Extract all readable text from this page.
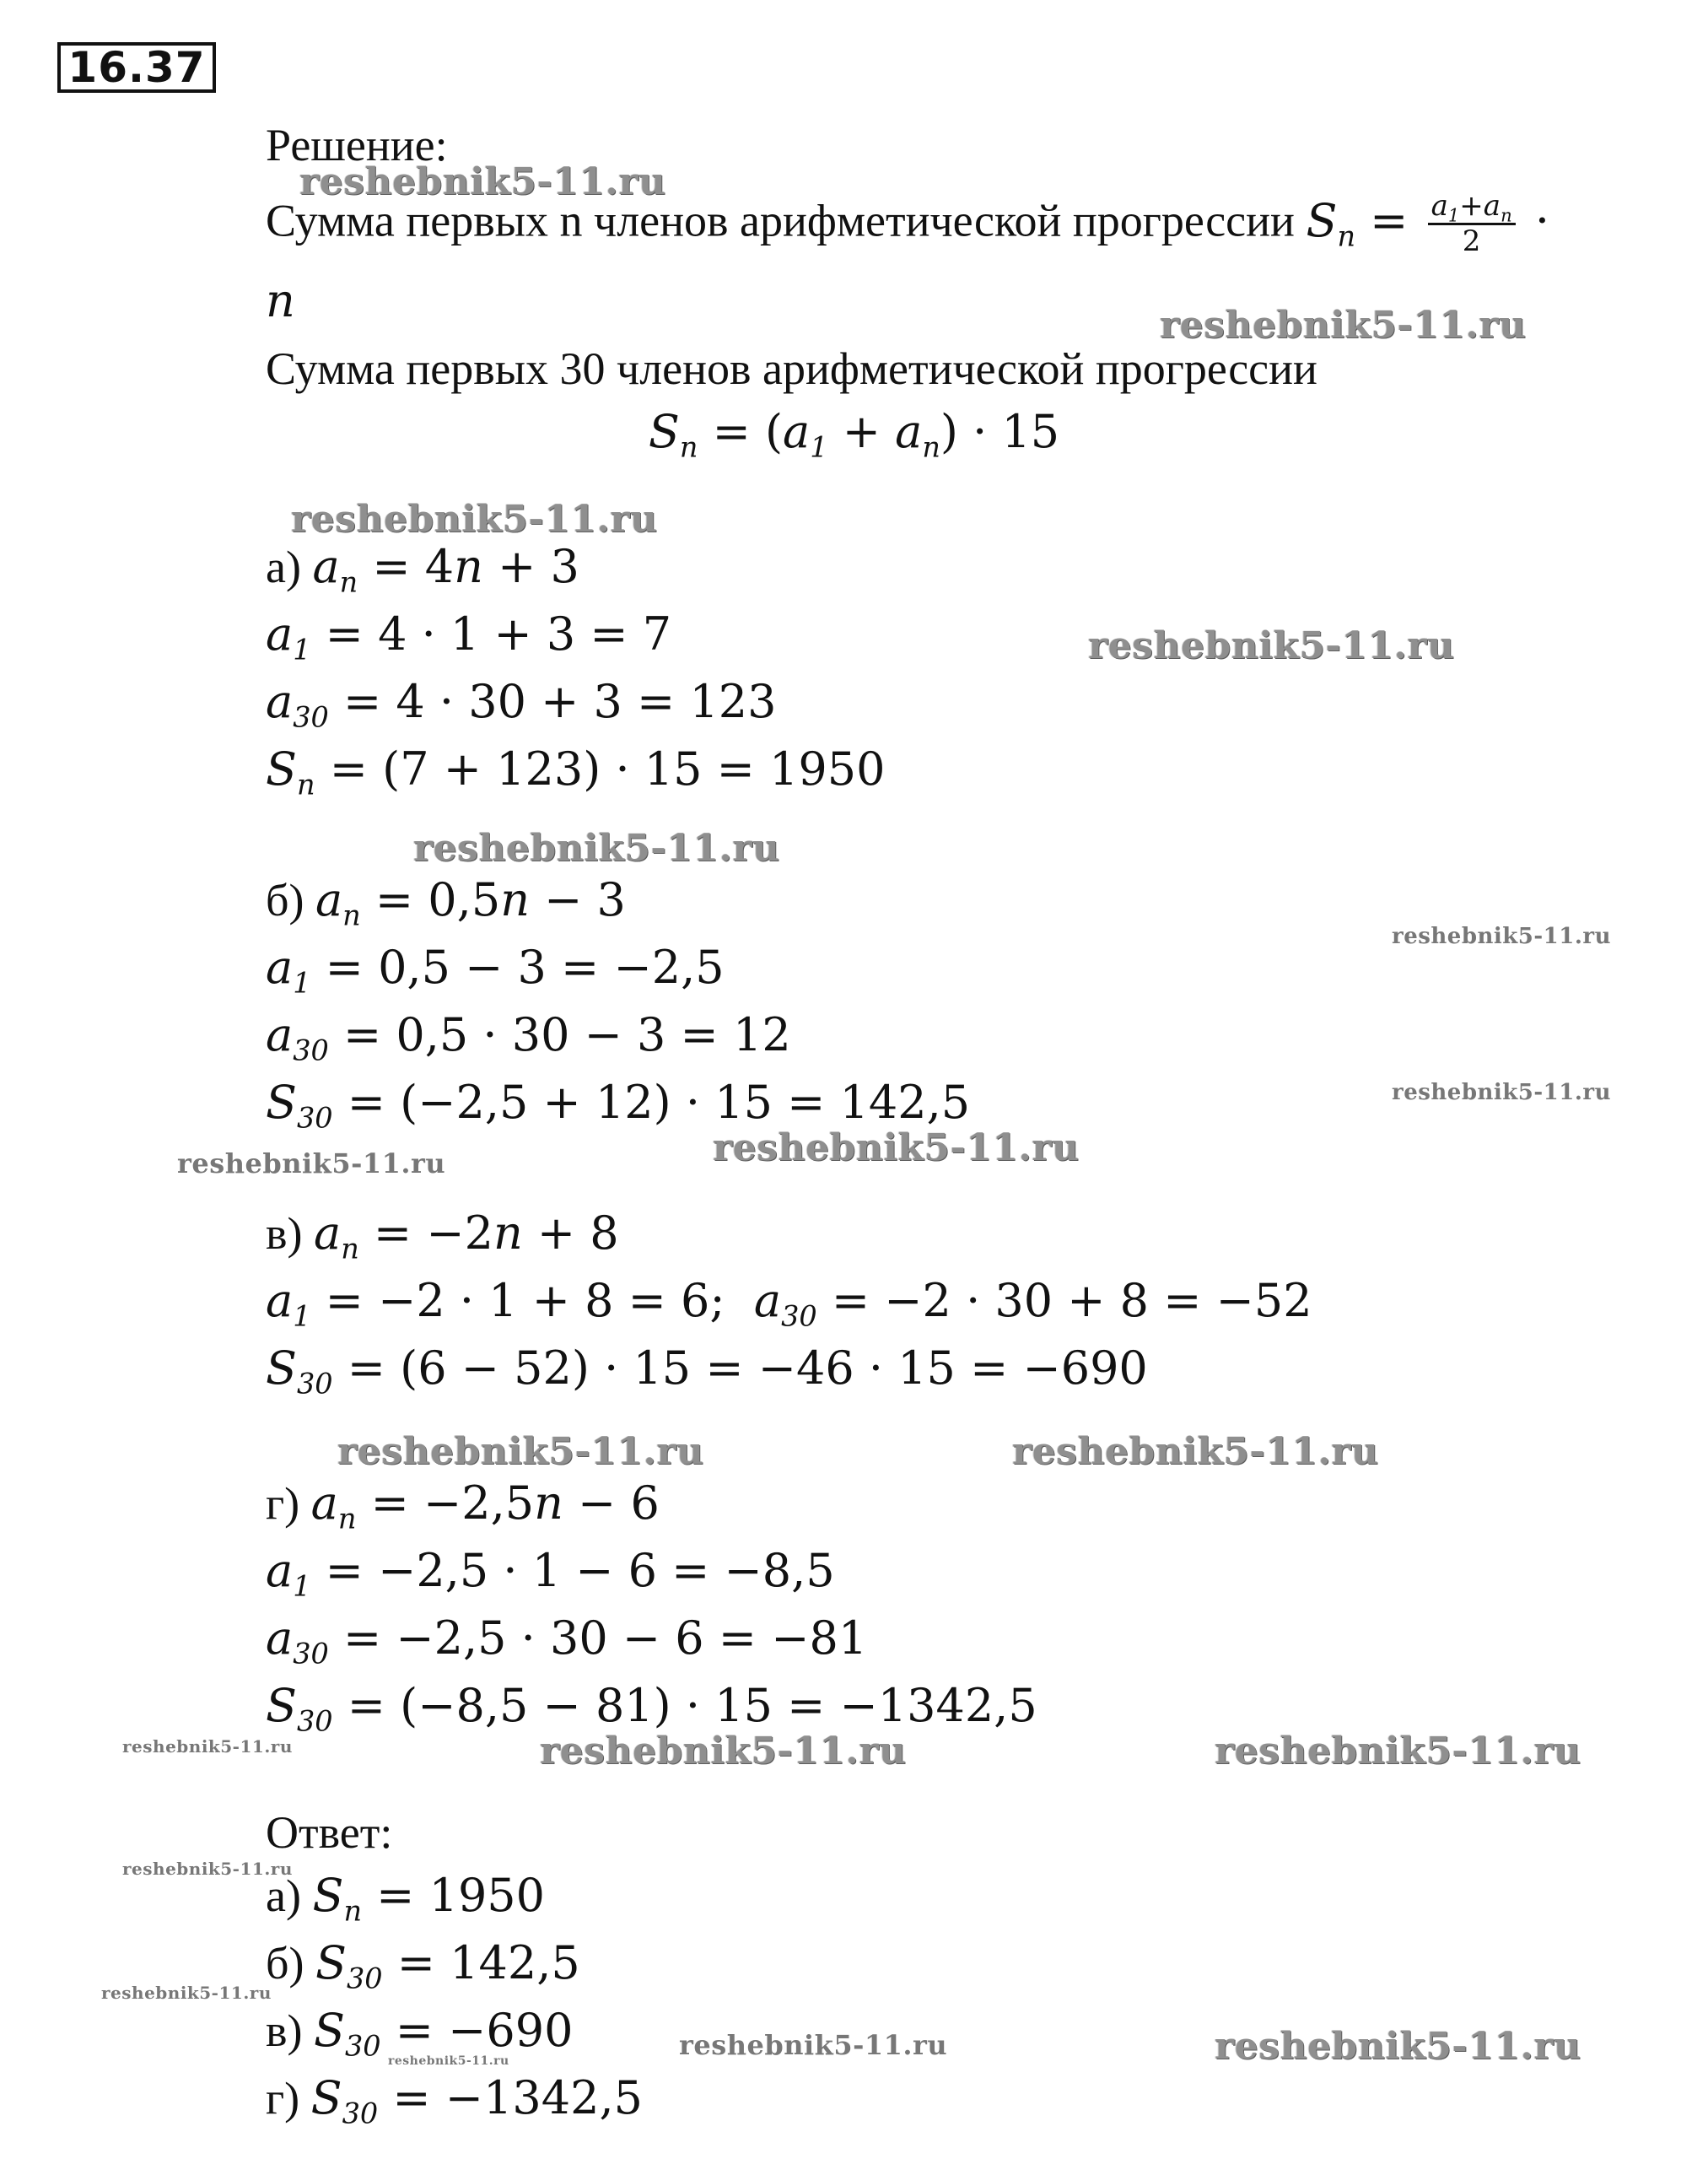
16.37
Решение:
Сумма первых n членов арифметической прогрессии $S_n = \frac{a_1+a_n}{2}$ ·
n
Сумма первых 30 членов арифметической прогрессии
$S_n = (a_1 + a_n) \cdot 15$
а) $a_n = 4n + 3$
$a_1 = 4 \cdot 1 + 3 = 7$
$a_{30} = 4 \cdot 30 + 3 = 123$
$S_n = (7 + 123) \cdot 15 = 1950$
б) $a_n = 0,5n - 3$
$a_1 = 0,5 - 3 = -2,5$
$a_{30} = 0,5 \cdot 30 - 3 = 12$
$S_{30} = (-2,5 + 12) \cdot 15 = 142,5$
в) $a_n = -2n + 8$
$a_1 = -2 \cdot 1 + 8 = 6$;  $a_{30} = -2 \cdot 30 + 8 = -52$
$S_{30} = (6 - 52) \cdot 15 = -46 \cdot 15 = -690$
г) $a_n = -2,5n - 6$
$a_1 = -2,5 \cdot 1 - 6 = -8,5$
$a_{30} = -2,5 \cdot 30 - 6 = -81$
$S_{30} = (-8,5 - 81) \cdot 15 = -1342,5$
Ответ:
а) $S_n = 1950$
б) $S_{30} = 142,5$
в) $S_{30} = -690$
г) $S_{30} = -1342,5$
reshebnik5-11.ru
reshebnik5-11.ru
reshebnik5-11.ru
reshebnik5-11.ru
reshebnik5-11.ru
reshebnik5-11.ru
reshebnik5-11.ru
reshebnik5-11.ru	reshebnik5-11.ru
reshebnik5-11.ru	reshebnik5-11.ru
reshebnik5-11.ru	reshebnik5-11.ru	reshebnik5-11.ru
reshebnik5-11.ru
reshebnik5-11.ru
reshebnik5-11.ru	reshebnik5-11.ru	reshebnik5-11.ru
